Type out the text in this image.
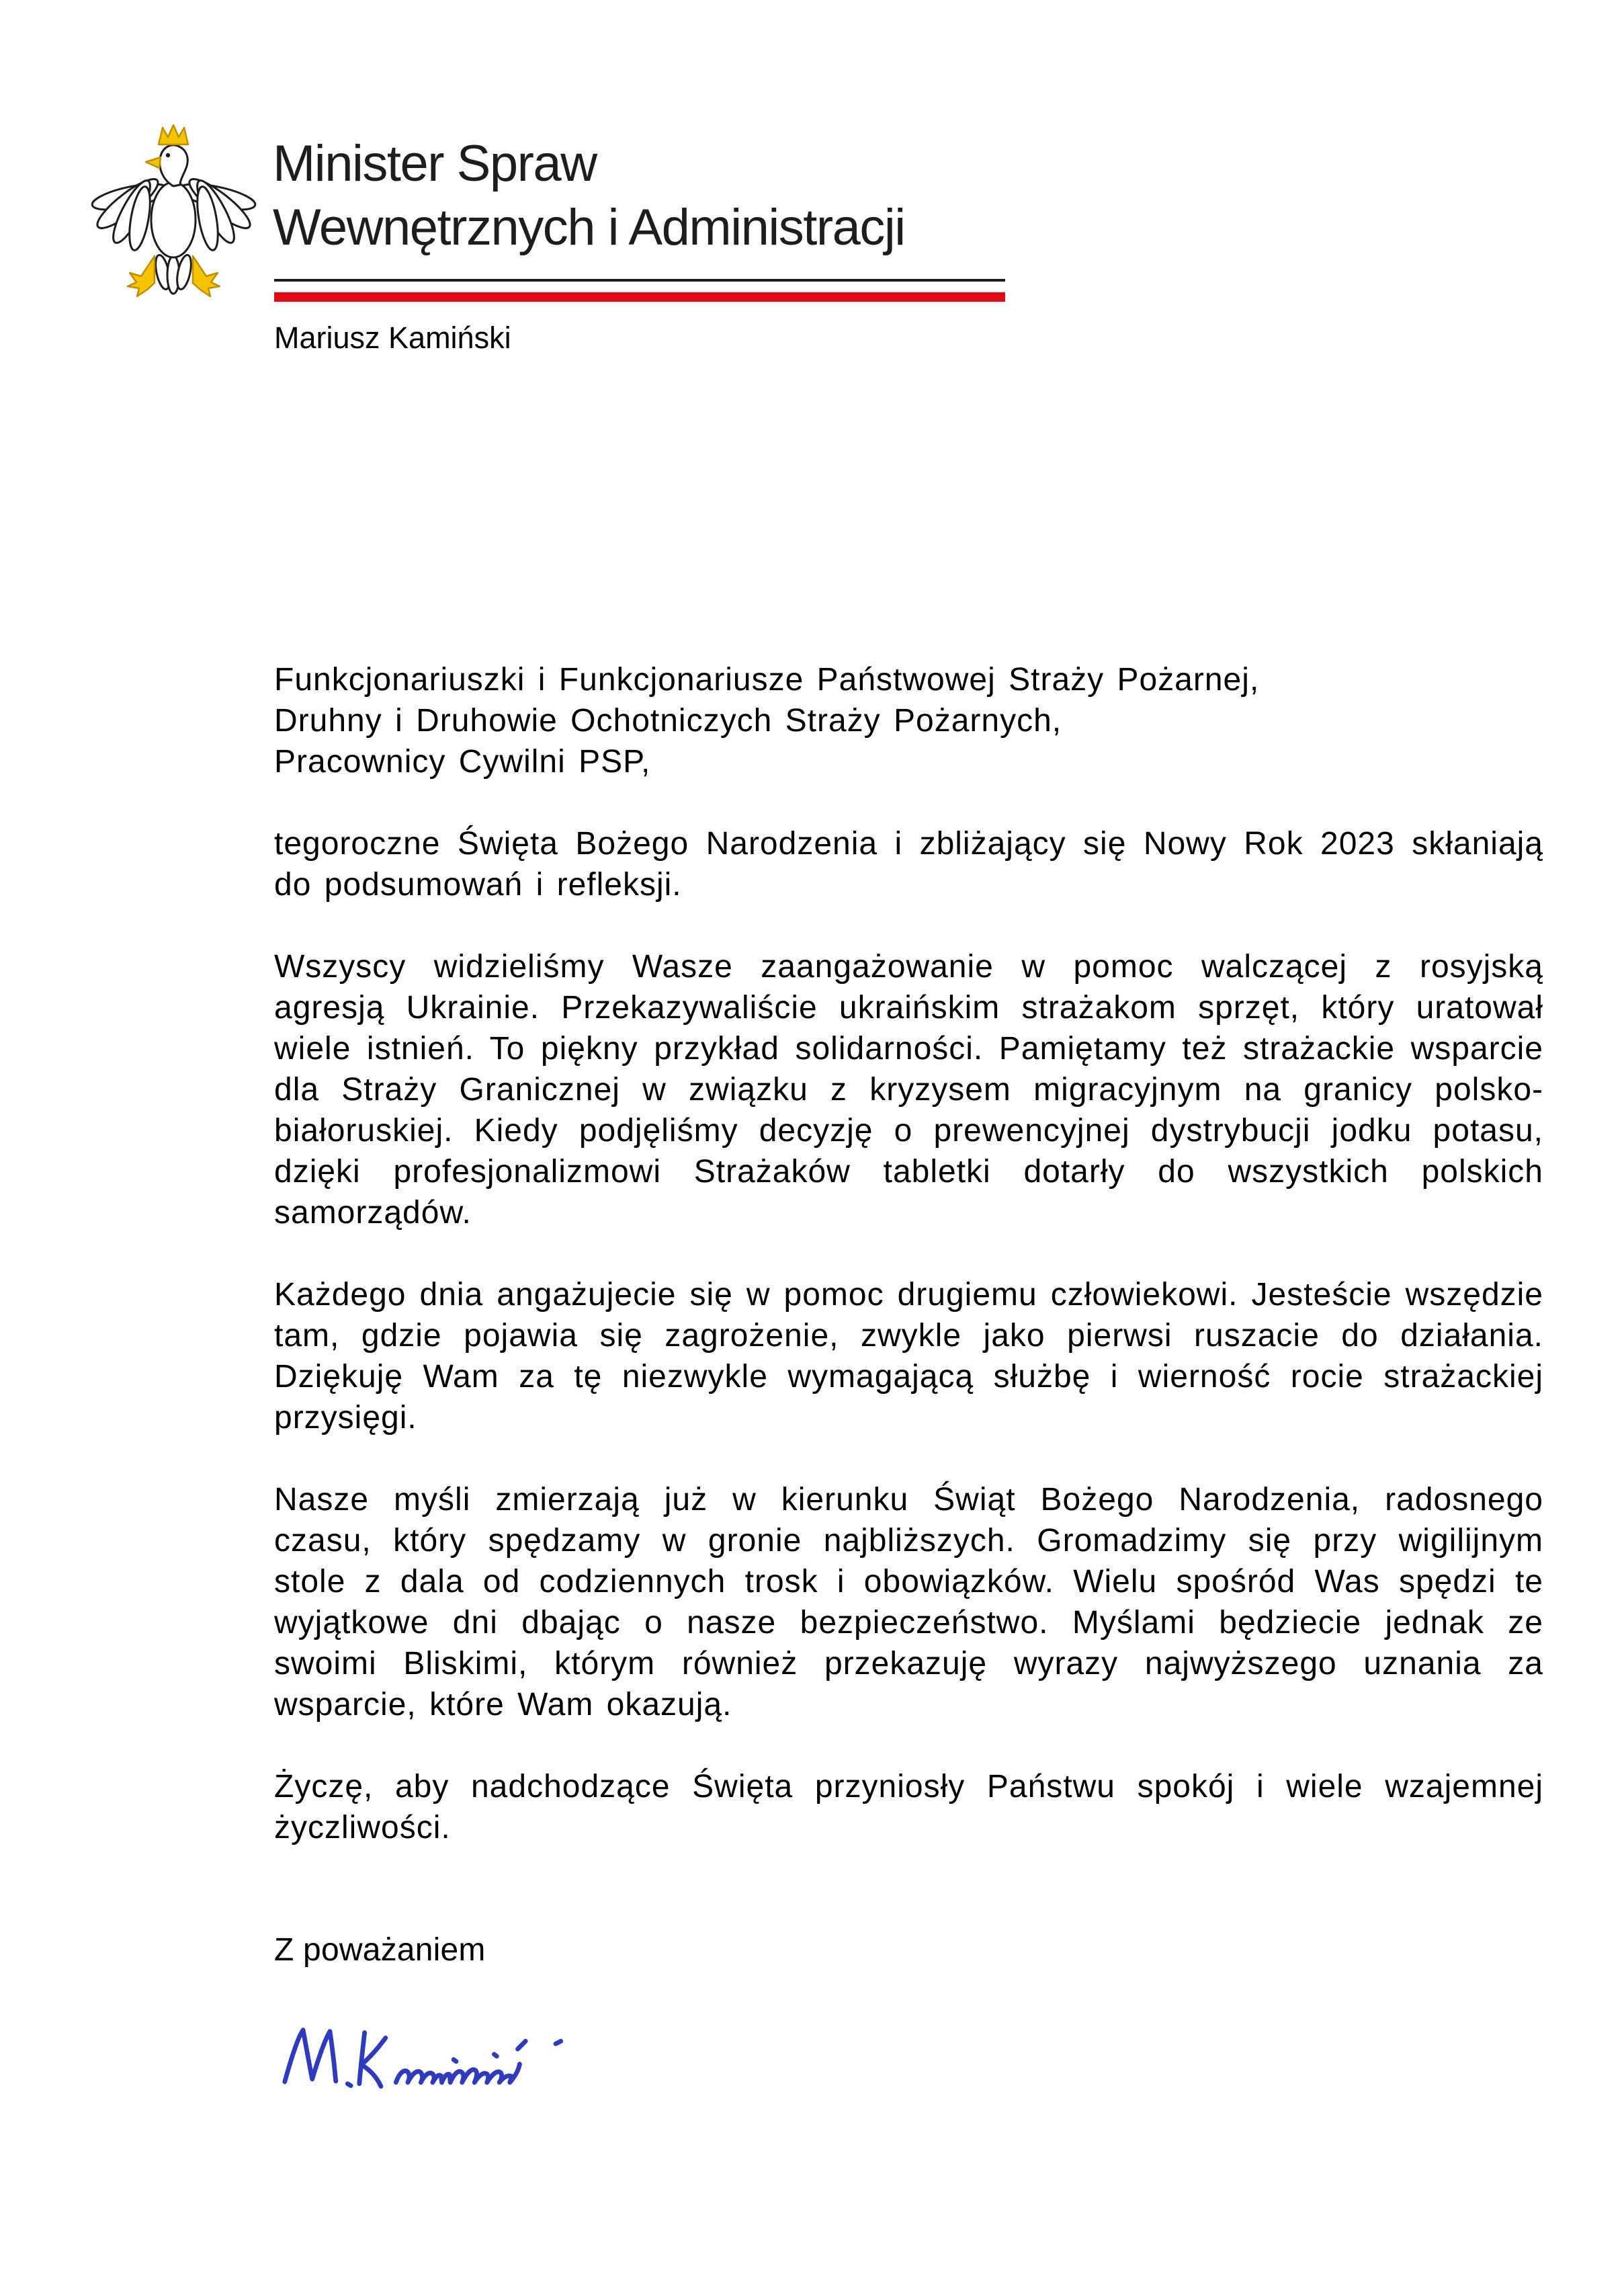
Minister Spraw
Wewnętrznych i Administracji
Mariusz Kamiński
Funkcjonariuszki i Funkcjonariusze Państwowej Straży Pożarnej,
Druhny i Druhowie Ochotniczych Straży Pożarnych,
Pracownicy Cywilni PSP,

tegoroczne Święta Bożego Narodzenia i zbliżający się Nowy Rok 2023 skłaniają do podsumowań i refleksji.

Wszyscy widzieliśmy Wasze zaangażowanie w pomoc walczącej z rosyjską agresją Ukrainie. Przekazywaliście ukraińskim strażakom sprzęt, który uratował wiele istnień. To piękny przykład solidarności. Pamiętamy też strażackie wsparcie dla Straży Granicznej w związku z kryzysem migracyjnym na granicy polsko-białoruskiej. Kiedy podjęliśmy decyzję o prewencyjnej dystrybucji jodku potasu, dzięki profesjonalizmowi Strażaków tabletki dotarły do wszystkich polskich samorządów.

Każdego dnia angażujecie się w pomoc drugiemu człowiekowi. Jesteście wszędzie tam, gdzie pojawia się zagrożenie, zwykle jako pierwsi ruszacie do działania. Dziękuję Wam za tę niezwykle wymagającą służbę i wierność rocie strażackiej przysięgi.

Nasze myśli zmierzają już w kierunku Świąt Bożego Narodzenia, radosnego czasu, który spędzamy w gronie najbliższych. Gromadzimy się przy wigilijnym stole z dala od codziennych trosk i obowiązków. Wielu spośród Was spędzi te wyjątkowe dni dbając o nasze bezpieczeństwo. Myślami będziecie jednak ze swoimi Bliskimi, którym również przekazuję wyrazy najwyższego uznania za wsparcie, które Wam okazują.

Życzę, aby nadchodzące Święta przyniosły Państwu spokój i wiele wzajemnej życzliwości.

Z poważaniem
